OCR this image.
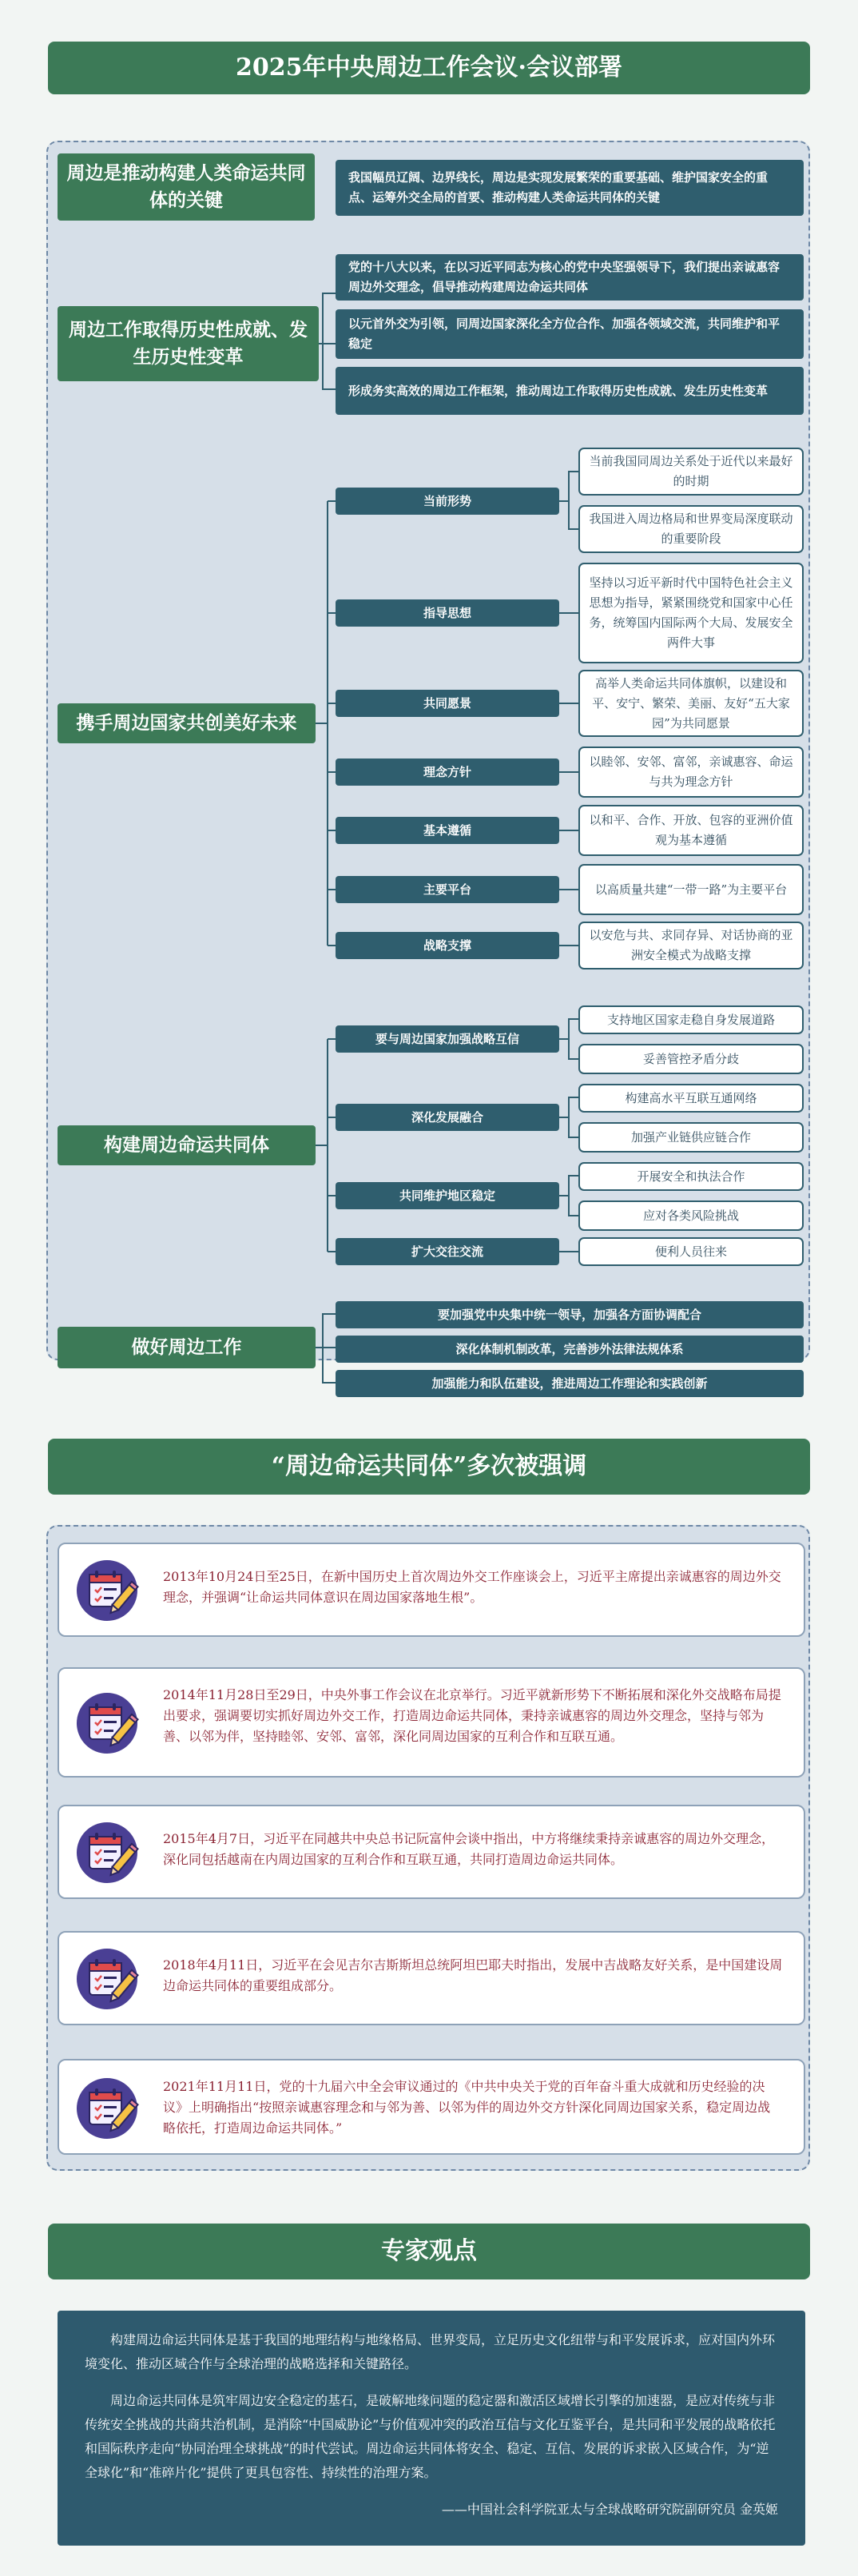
2025年中央周边工作会议·会议部署
周边是推动构建人类命运共同体的关键
我国幅员辽阔、边界线长，周边是实现发展繁荣的重要基础、维护国家安全的重点、运筹外交全局的首要、推动构建人类命运共同体的关键
周边工作取得历史性成就、发生历史性变革
党的十八大以来，在以习近平同志为核心的党中央坚强领导下，我们提出亲诚惠容周边外交理念，倡导推动构建周边命运共同体
以元首外交为引领，同周边国家深化全方位合作、加强各领域交流，共同维护和平稳定
形成务实高效的周边工作框架，推动周边工作取得历史性成就、发生历史性变革
携手周边国家共创美好未来
当前形势
当前我国同周边关系处于近代以来最好的时期
我国进入周边格局和世界变局深度联动的重要阶段
指导思想
坚持以习近平新时代中国特色社会主义思想为指导，紧紧围绕党和国家中心任务，统筹国内国际两个大局、发展安全两件大事
共同愿景
高举人类命运共同体旗帜，以建设和平、安宁、繁荣、美丽、友好“五大家园”为共同愿景
理念方针
以睦邻、安邻、富邻，亲诚惠容、命运与共为理念方针
基本遵循
以和平、合作、开放、包容的亚洲价值观为基本遵循
主要平台	以高质量共建“一带一路”为主要平台
战略支撑
以安危与共、求同存异、对话协商的亚洲安全模式为战略支撑
构建周边命运共同体
要与周边国家加强战略互信
支持地区国家走稳自身发展道路
妥善管控矛盾分歧
深化发展融合
构建高水平互联互通网络
加强产业链供应链合作
共同维护地区稳定
开展安全和执法合作
应对各类风险挑战
扩大交往交流	便利人员往来
做好周边工作
要加强党中央集中统一领导，加强各方面协调配合
深化体制机制改革，完善涉外法律法规体系
加强能力和队伍建设，推进周边工作理论和实践创新
“周边命运共同体”多次被强调
2013年10月24日至25日，在新中国历史上首次周边外交工作座谈会上，习近平主席提出亲诚惠容的周边外交理念，并强调“让命运共同体意识在周边国家落地生根”。
2014年11月28日至29日，中央外事工作会议在北京举行。习近平就新形势下不断拓展和深化外交战略布局提出要求，强调要切实抓好周边外交工作，打造周边命运共同体，秉持亲诚惠容的周边外交理念，坚持与邻为善、以邻为伴，坚持睦邻、安邻、富邻，深化同周边国家的互利合作和互联互通。
2015年4月7日，习近平在同越共中央总书记阮富仲会谈中指出，中方将继续秉持亲诚惠容的周边外交理念，深化同包括越南在内周边国家的互利合作和互联互通，共同打造周边命运共同体。
2018年4月11日，习近平在会见吉尔吉斯斯坦总统阿坦巴耶夫时指出，发展中吉战略友好关系，是中国建设周边命运共同体的重要组成部分。
2021年11月11日，党的十九届六中全会审议通过的《中共中央关于党的百年奋斗重大成就和历史经验的决议》上明确指出“按照亲诚惠容理念和与邻为善、以邻为伴的周边外交方针深化同周边国家关系，稳定周边战略依托，打造周边命运共同体。”
专家观点

构建周边命运共同体是基于我国的地理结构与地缘格局、世界变局，立足历史文化纽带与和平发展诉求，应对国内外环境变化、推动区域合作与全球治理的战略选择和关键路径。

周边命运共同体是筑牢周边安全稳定的基石，是破解地缘问题的稳定器和激活区域增长引擎的加速器，是应对传统与非传统安全挑战的共商共治机制，是消除“中国威胁论”与价值观冲突的政治互信与文化互鉴平台，是共同和平发展的战略依托和国际秩序走向“协同治理全球挑战”的时代尝试。周边命运共同体将安全、稳定、互信、发展的诉求嵌入区域合作，为“逆全球化”和“准碎片化”提供了更具包容性、持续性的治理方案。

——中国社会科学院亚太与全球战略研究院副研究员 金英姬
